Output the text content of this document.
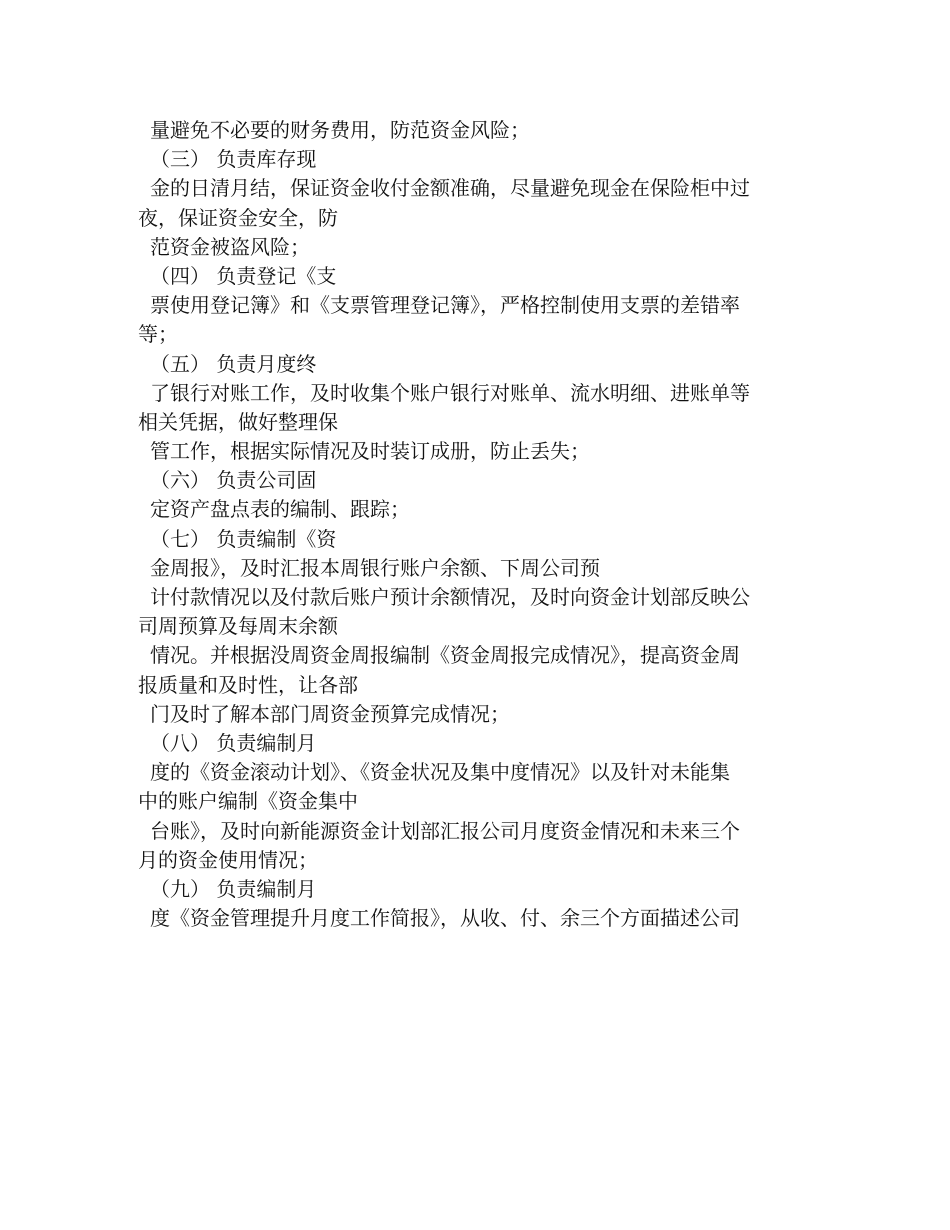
量避免不必要的财务费用，防范资金风险；
（三） 负责库存现
金的日清月结，保证资金收付金额准确，尽量避免现金在保险柜中过
夜，保证资金安全，防
范资金被盗风险；
（四） 负责登记《支
票使用登记簿》和《支票管理登记簿》，严格控制使用支票的差错率
等；
（五） 负责月度终
了银行对账工作，及时收集个账户银行对账单、流水明细、进账单等
相关凭据，做好整理保
管工作，根据实际情况及时装订成册，防止丢失；
（六） 负责公司固
定资产盘点表的编制、跟踪；
（七） 负责编制《资
金周报》，及时汇报本周银行账户余额、下周公司预
计付款情况以及付款后账户预计余额情况，及时向资金计划部反映公
司周预算及每周末余额
情况。并根据没周资金周报编制《资金周报完成情况》，提高资金周
报质量和及时性，让各部
门及时了解本部门周资金预算完成情况；
（八） 负责编制月
度的《资金滚动计划》、《资金状况及集中度情况》以及针对未能集
中的账户编制《资金集中
台账》，及时向新能源资金计划部汇报公司月度资金情况和未来三个
月的资金使用情况；
（九） 负责编制月
度《资金管理提升月度工作简报》，从收、付、余三个方面描述公司
